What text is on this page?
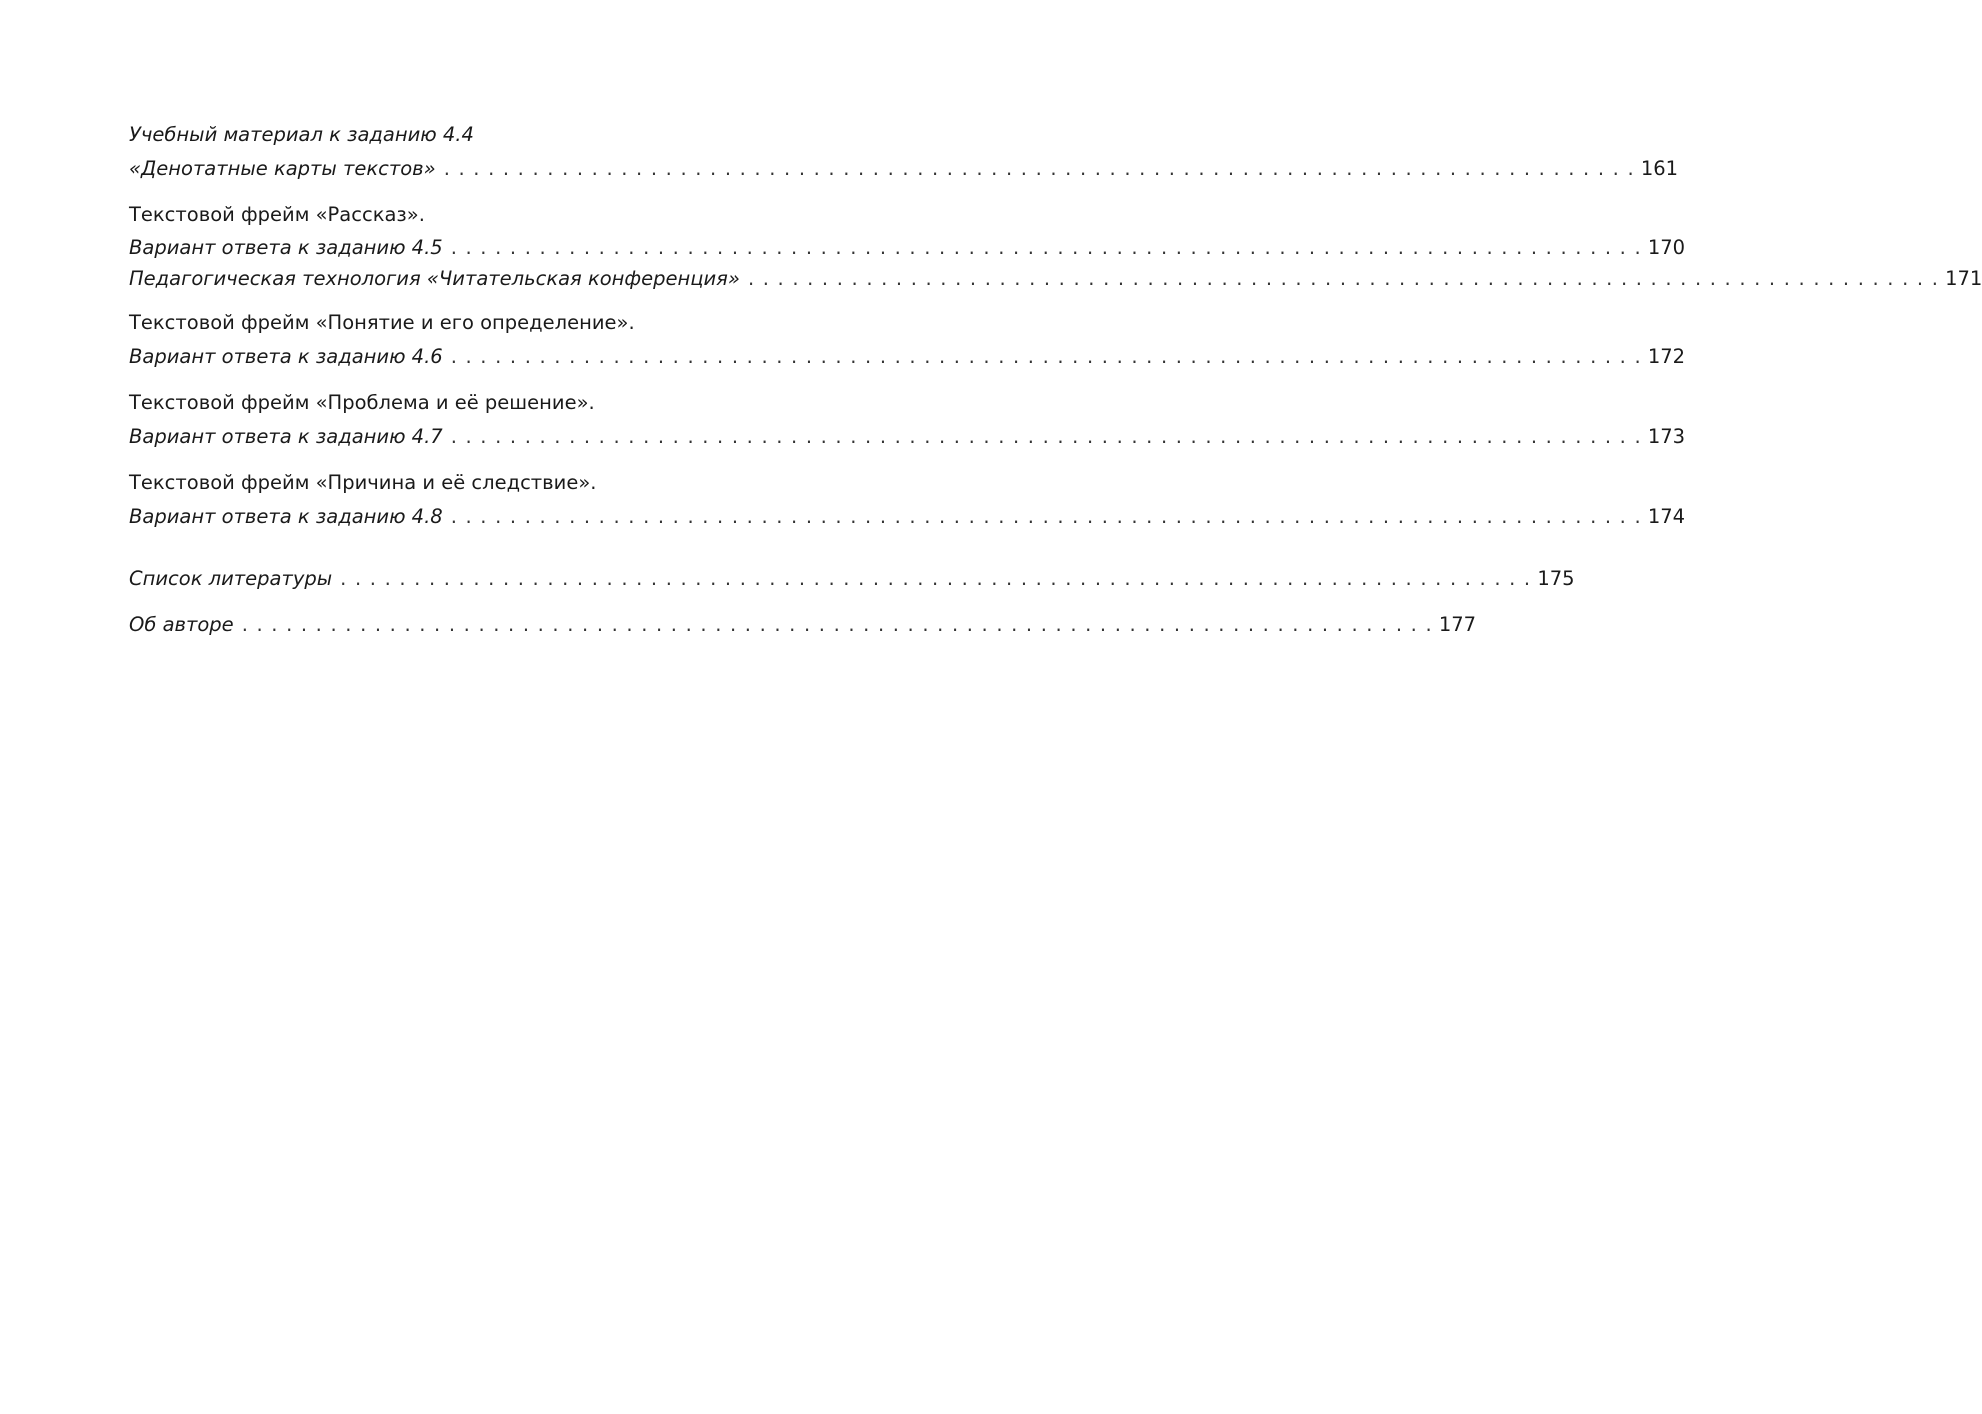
Учебный материал к заданию 4.4
«Денотатные карты текстов» . . .	161
Текстовой фрейм «Рассказ».
Вариант ответа к заданию 4.5 . . .	170
Педагогическая технология «Читательская конференция» . . .	171
Текстовой фрейм «Понятие и его определение».
Вариант ответа к заданию 4.6 . . .	172
Текстовой фрейм «Проблема и её решение».
Вариант ответа к заданию 4.7 . . .	173
Текстовой фрейм «Причина и её следствие».
Вариант ответа к заданию 4.8 . . .	174
Список литературы . . .	175
Об авторе . . .	177
